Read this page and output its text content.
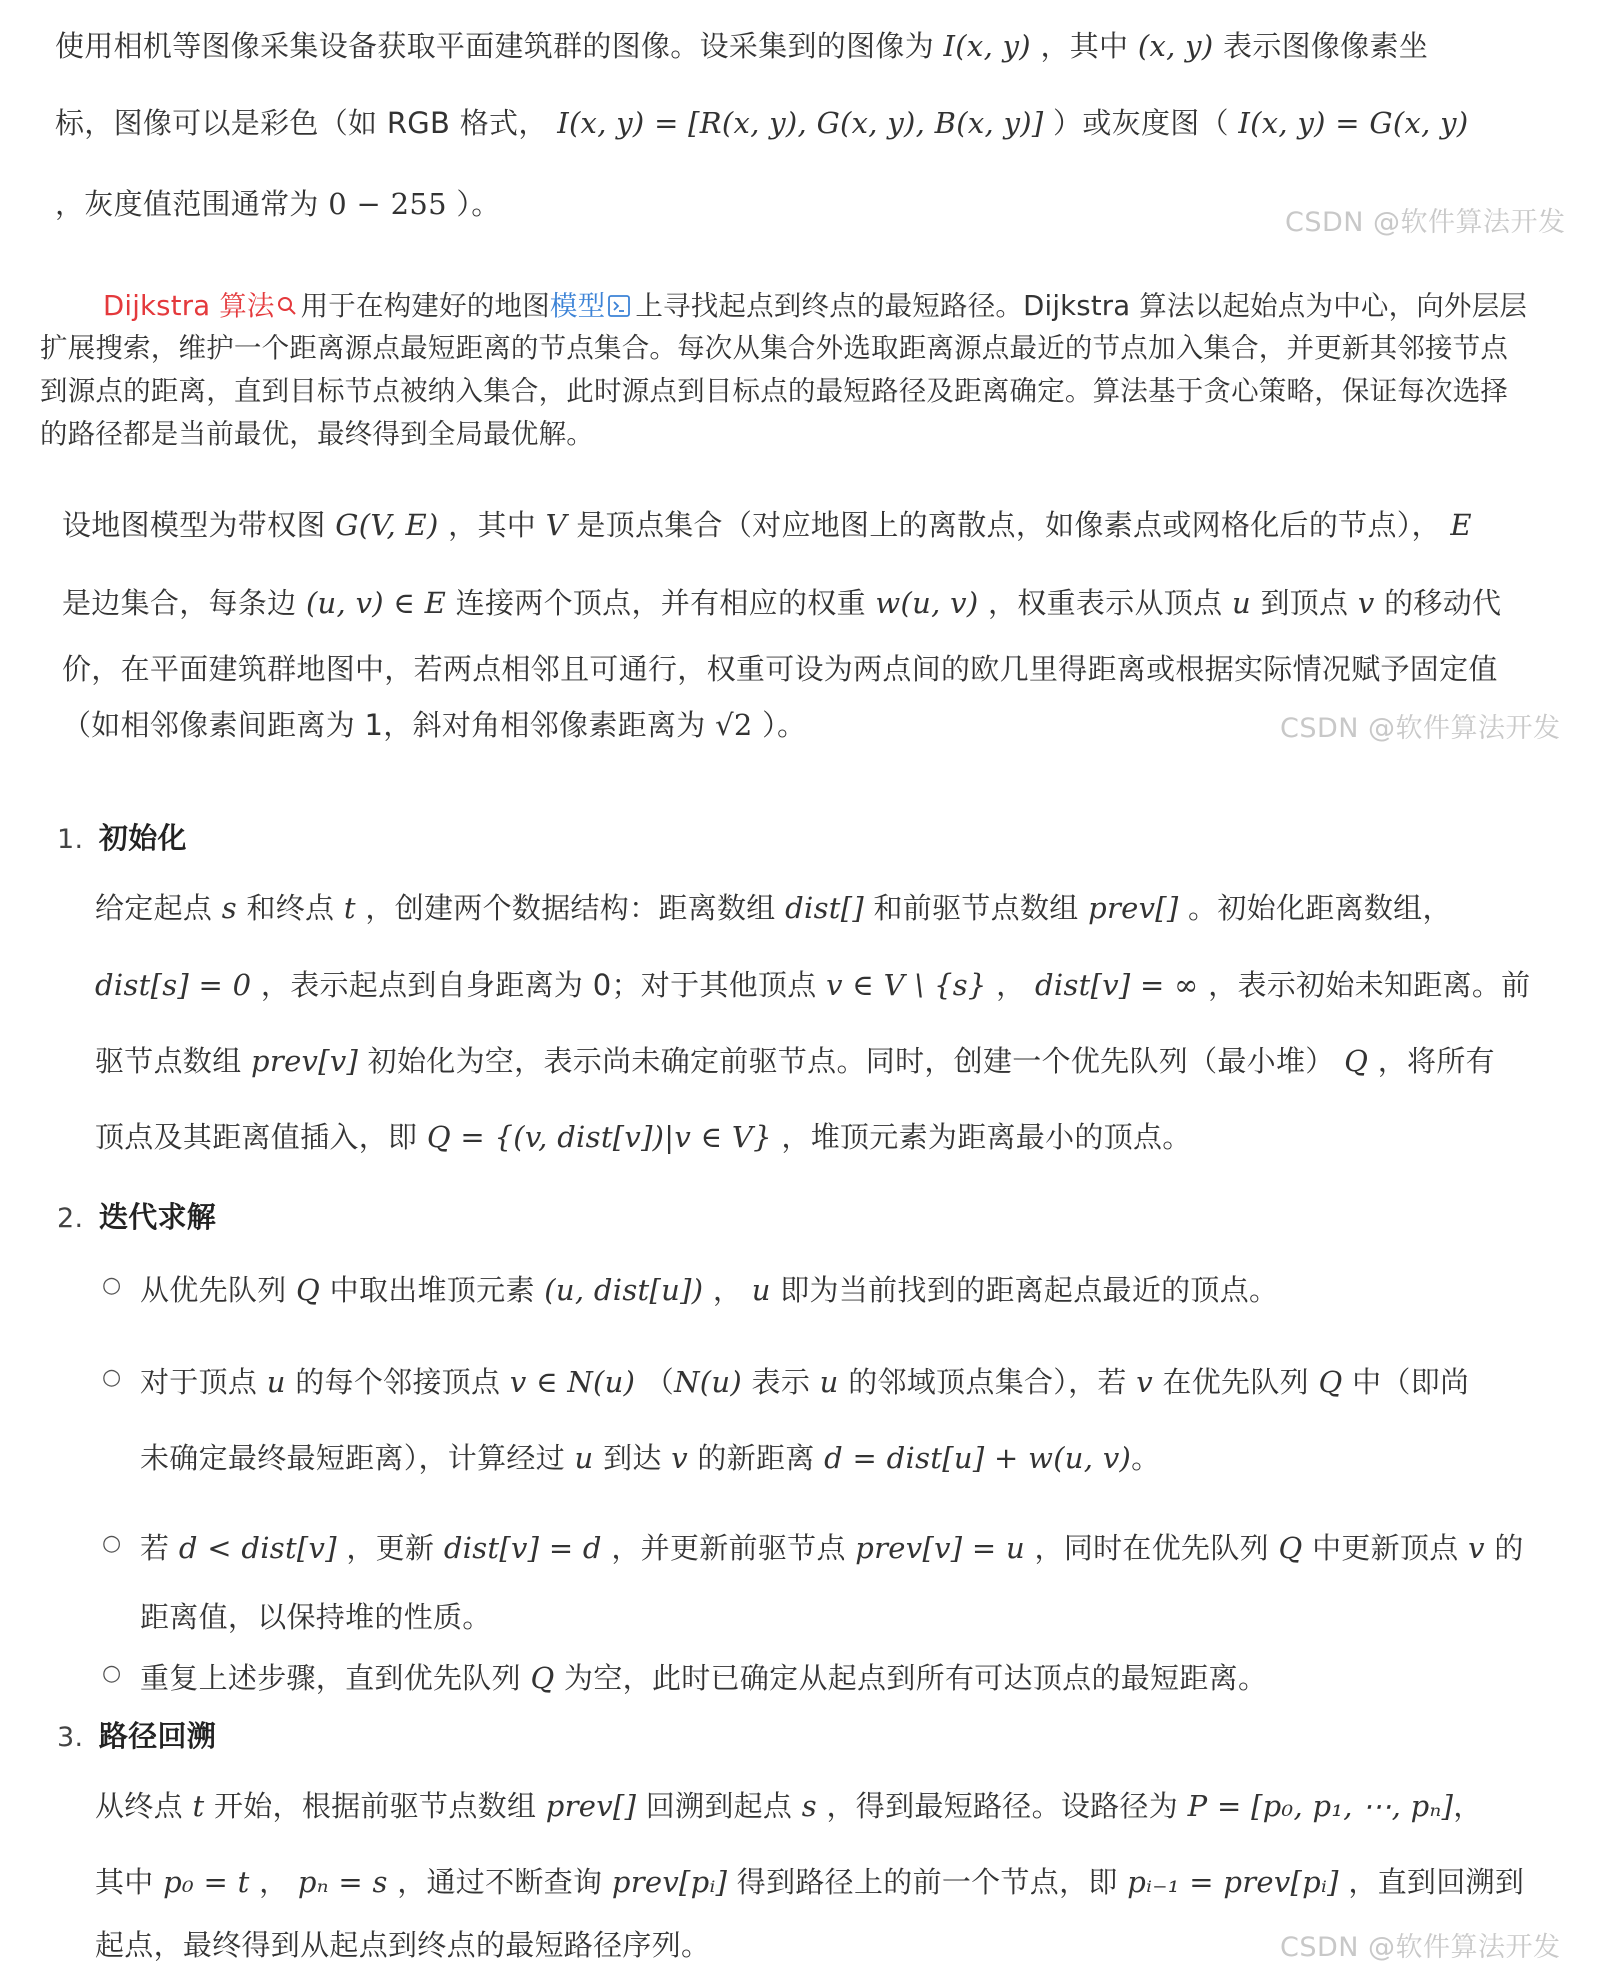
使用相机等图像采集设备获取平面建筑群的图像。设采集到的图像为 I(x, y) ，其中 (x, y) 表示图像像素坐
标，图像可以是彩色（如 RGB 格式， I(x, y) = [R(x, y), G(x, y), B(x, y)] ）或灰度图（ I(x, y) = G(x, y)
，灰度值范围通常为 0 − 255 ）。
CSDN @软件算法开发
Dijkstra 算法 用于在构建好的地图模型 上寻找起点到终点的最短路径。Dijkstra 算法以起始点为中心，向外层层
扩展搜索，维护一个距离源点最短距离的节点集合。每次从集合外选取距离源点最近的节点加入集合，并更新其邻接节点
到源点的距离，直到目标节点被纳入集合，此时源点到目标点的最短路径及距离确定。算法基于贪心策略，保证每次选择
的路径都是当前最优，最终得到全局最优解。
设地图模型为带权图 G(V, E) ，其中 V 是顶点集合（对应地图上的离散点，如像素点或网格化后的节点）， E
是边集合，每条边 (u, v) ∈ E 连接两个顶点，并有相应的权重 w(u, v) ，权重表示从顶点 u 到顶点 v 的移动代
价，在平面建筑群地图中，若两点相邻且可通行，权重可设为两点间的欧几里得距离或根据实际情况赋予固定值
（如相邻像素间距离为 1，斜对角相邻像素距离为 √2 ）。	CSDN @软件算法开发
1. 初始化
给定起点 s 和终点 t ，创建两个数据结构：距离数组 dist[] 和前驱节点数组 prev[] 。初始化距离数组，
dist[s] = 0 ，表示起点到自身距离为 0；对于其他顶点 v ∈ V \ {s} ， dist[v] = ∞ ，表示初始未知距离。前
驱节点数组 prev[v] 初始化为空，表示尚未确定前驱节点。同时，创建一个优先队列（最小堆） Q ，将所有
顶点及其距离值插入，即 Q = {(v, dist[v])|v ∈ V} ，堆顶元素为距离最小的顶点。
2. 迭代求解
○ 从优先队列 Q 中取出堆顶元素 (u, dist[u]) ， u 即为当前找到的距离起点最近的顶点。
○ 对于顶点 u 的每个邻接顶点 v ∈ N(u) （N(u) 表示 u 的邻域顶点集合），若 v 在优先队列 Q 中（即尚
未确定最终最短距离），计算经过 u 到达 v 的新距离 d = dist[u] + w(u, v)。
○ 若 d < dist[v] ，更新 dist[v] = d ，并更新前驱节点 prev[v] = u ，同时在优先队列 Q 中更新顶点 v 的
距离值，以保持堆的性质。
○ 重复上述步骤，直到优先队列 Q 为空，此时已确定从起点到所有可达顶点的最短距离。
3. 路径回溯
从终点 t 开始，根据前驱节点数组 prev[] 回溯到起点 s ，得到最短路径。设路径为 P = [p₀, p₁, ⋯, pₙ]，
其中 p₀ = t ， pₙ = s ，通过不断查询 prev[pᵢ] 得到路径上的前一个节点，即 pᵢ₋₁ = prev[pᵢ] ，直到回溯到
起点，最终得到从起点到终点的最短路径序列。	CSDN @软件算法开发
